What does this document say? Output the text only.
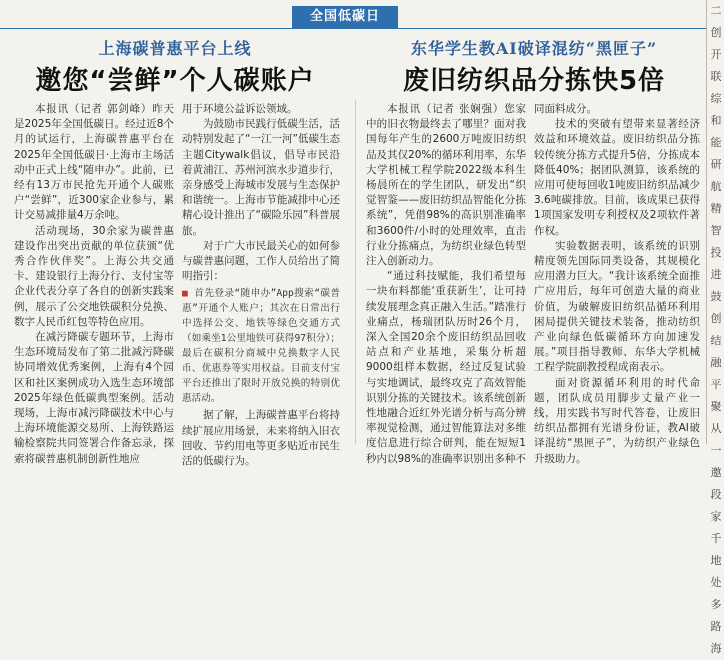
全国低碳日
上海碳普惠平台上线
邀您“尝鲜”个人碳账户

本报讯（记者 郭剑峰）昨天是2025年全国低碳日。经过近8个月的试运行，上海碳普惠平台在2025年全国低碳日·上海市主场活动中正式上线“随申办”。此前，已经有13万市民抢先开通个人碳账户“尝鲜”，近300家企业参与，累计交易减排量4万余吨。

活动现场，30余家为碳普惠建设作出突出贡献的单位获颁“优秀合作伙伴奖”。上海公共交通卡、建设银行上海分行、支付宝等企业代表分享了各自的创新实践案例，展示了公交地铁碳积分兑换、数字人民币红包等特色应用。

在减污降碳专题环节，上海市生态环境局发布了第二批减污降碳协同增效优秀案例，上海有4个园区和社区案例成功入选生态环境部2025年绿色低碳典型案例。活动现场，上海市减污降碳技术中心与上海环境能源交易所、上海铁路运输检察院共同签署合作备忘录，探索将碳普惠机制创新性地应

用于环境公益诉讼领域。

为鼓励市民践行低碳生活，活动特别发起了“一江一河”低碳生态主题Citywalk倡议，倡导市民沿着黄浦江、苏州河滨水步道步行，亲身感受上海城市发展与生态保护和谐统一。上海市节能减排中心还精心设计推出了“碳险乐园”科普展旅。

对于广大市民最关心的如何参与碳普惠问题，工作人员给出了简明指引：

■ 首先登录“随申办”App搜索“碳普惠”开通个人账户；其次在日常出行中选择公交、地铁等绿色交通方式（如乘坐1公里地铁可获得97积分）；最后在碳积分商城中兑换数字人民币、优惠券等实用权益。目前支付宝平台还推出了限时开放兑换的特别优惠活动。

据了解，上海碳普惠平台将持续扩展应用场景，未来将纳入旧衣回收、节约用电等更多贴近市民生活的低碳行为。

东华学生教AI破译混纺“黑匣子”
废旧纺织品分拣快5倍

本报讯（记者 张娴强）您家中的旧衣物最终去了哪里？面对我国每年产生的2600万吨废旧纺织品及其仅20%的循环利用率，东华大学机械工程学院2022级本科生杨晨所在的学生团队，研发出“织觉智鉴——废旧纺织品智能化分拣系统”，凭借98%的高识别准确率和3600件/小时的处理效率，直击行业分拣痛点，为纺织业绿色转型注入创新动力。

“通过科技赋能，我们希望每一块布料都能‘重获新生’，让可持续发展理念真正融入生活。”踏准行业痛点，杨瑞团队历时26个月，深入全国20余个废旧纺织品回收站点和产业基地，采集分析超9000组样本数据，经过反复试验与实地调试，最终攻克了高效智能识别分拣的关键技术。该系统创新性地融合近红外光谱分析与高分辨率视觉检测，通过智能算法对多维度信息进行综合研判，能在短短1秒内以98%的准确率识别出多种不

同面料成分。

技术的突破有望带来显著经济效益和环境效益。废旧纺织品分拣较传统分拣方式提升5倍，分拣成本降低40%；据团队测算，该系统的应用可使每回收1吨废旧纺织品减少3.6吨碳排放。目前，该成果已获得1项国家发明专利授权及2项软件著作权。

实验数据表明，该系统的识别精度领先国际同类设备，其规模化应用潜力巨大。“我计该系统全面推广应用后，每年可创造大量的商业价值，为破解废旧纺织品循环利用困局提供关键技术装备，推动纺织产业向绿色低碳循环方向加速发展。”项目指导教师、东华大学机械工程学院副教授程成南表示。

面对资源循环利用的时代命题，团队成员用脚步丈量产业一线，用实践书写时代答卷，让废旧纺织品都拥有光谱身份证，教AI破译混纺“黑匣子”，为纺织产业绿色升级助力。

二
创
开
联
综
和
能
研
航
精
智
投
进
鼓
创
结
融
平
聚
从
一
邀
段
家
千
地
处
多
路
海
